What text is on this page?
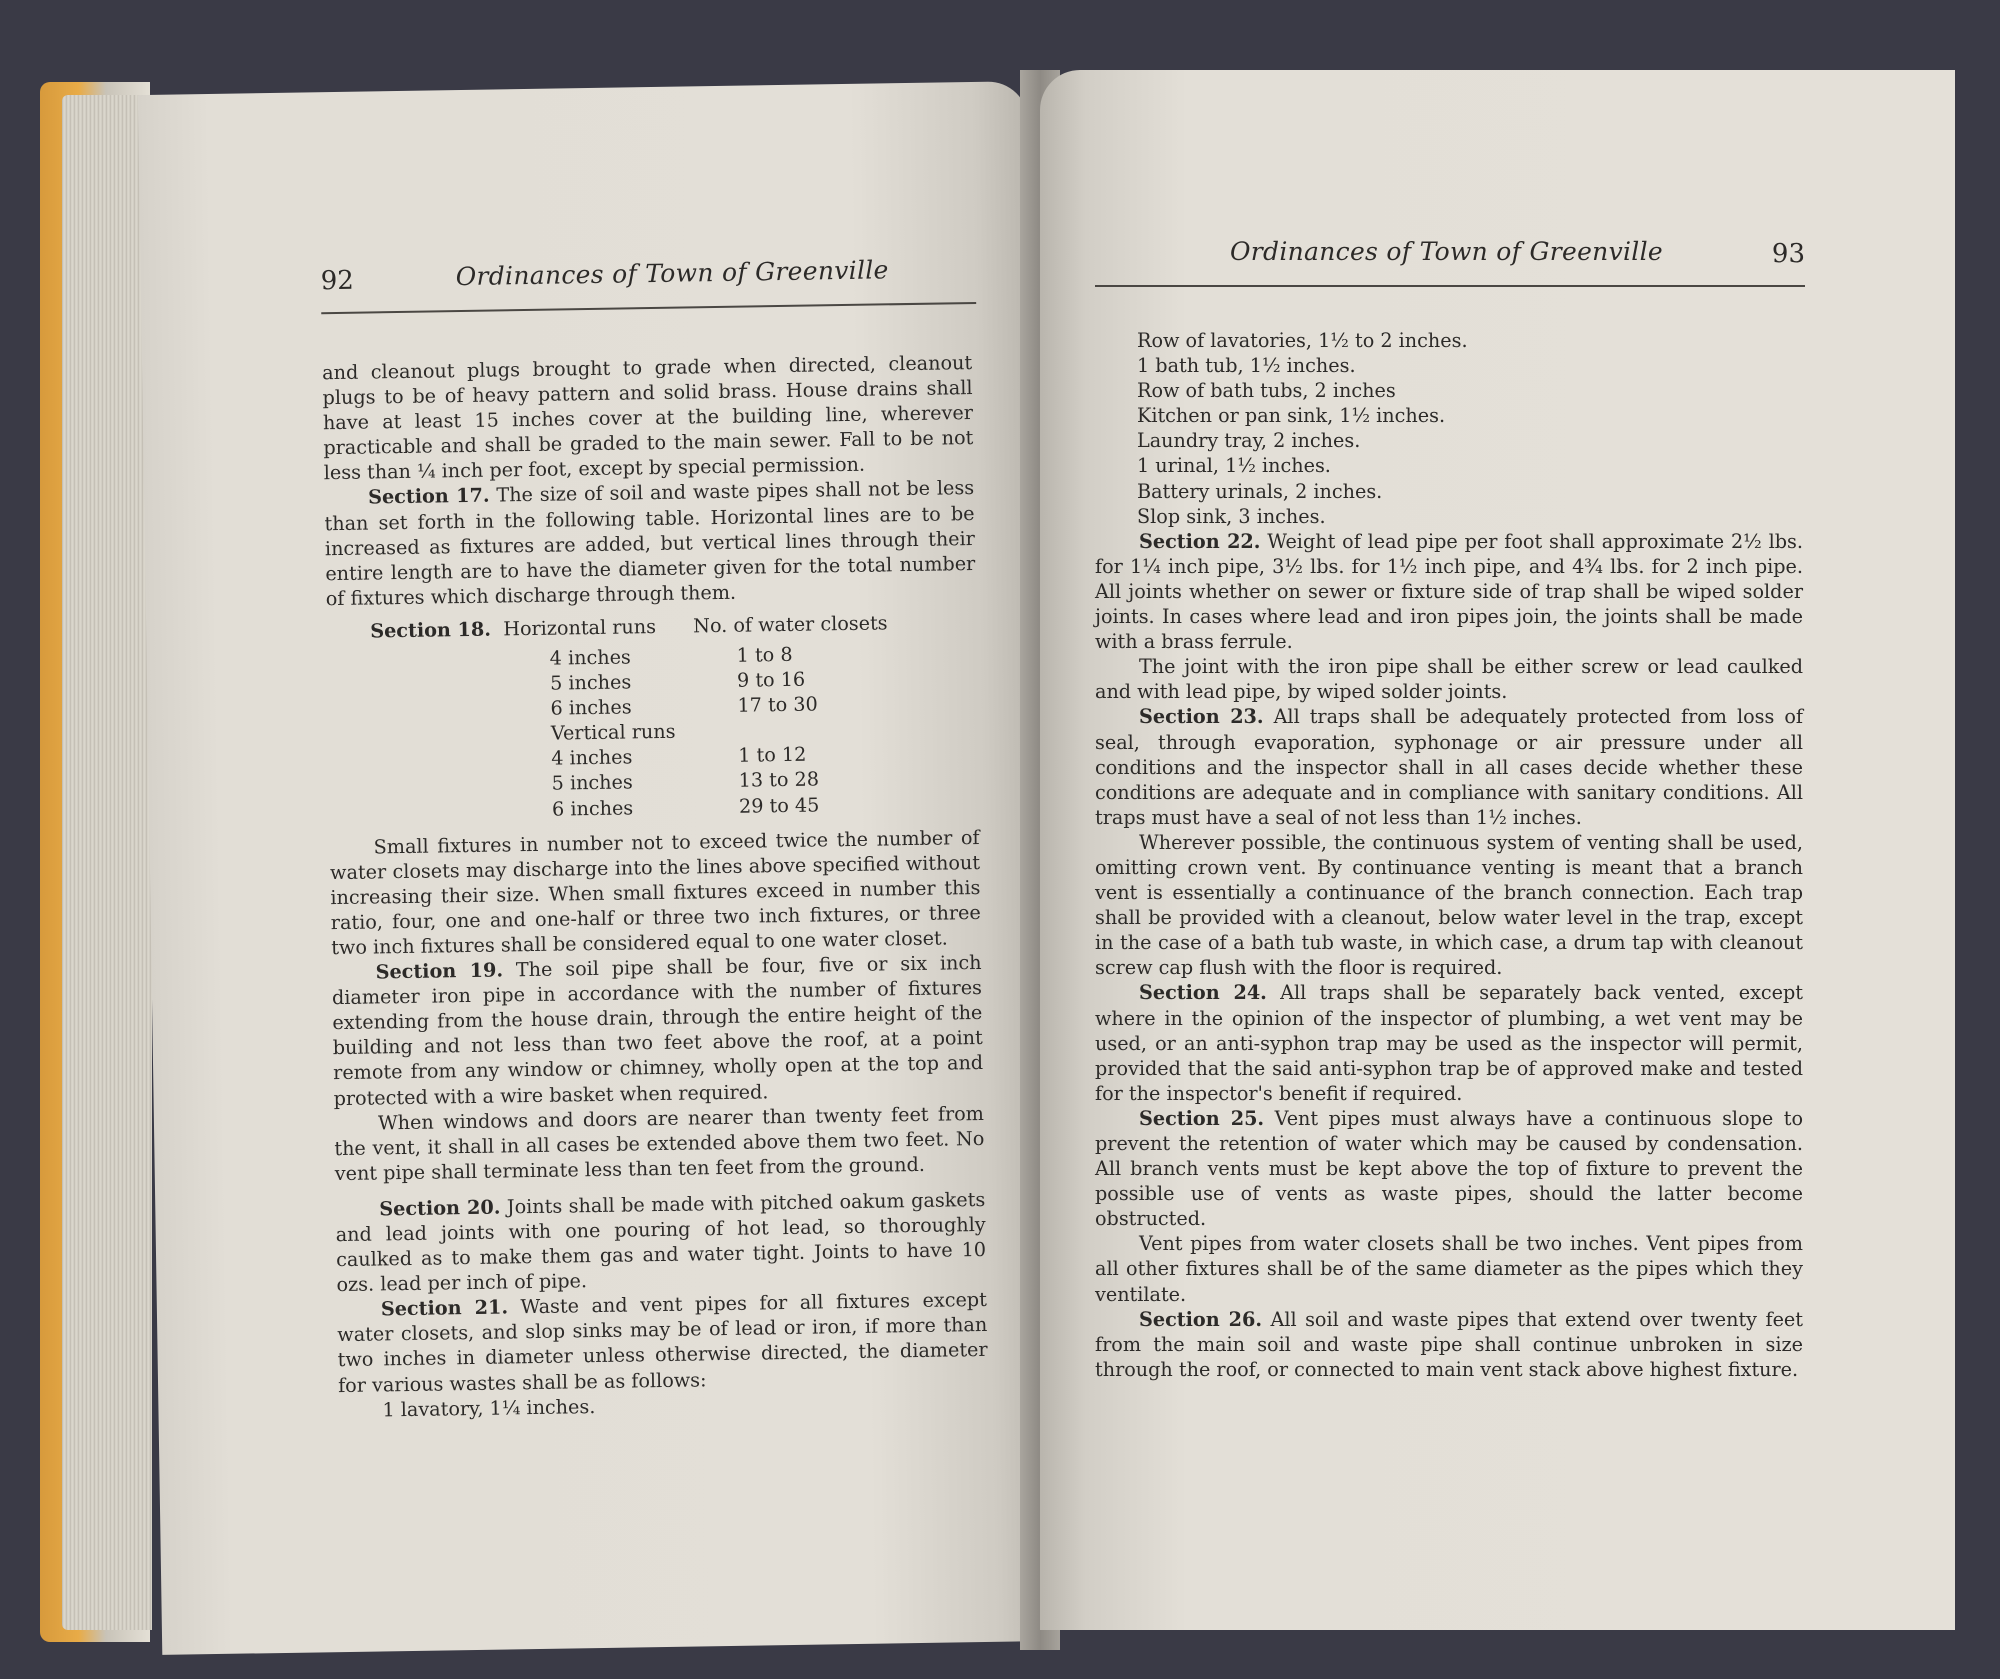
92	Ordinances of Town of Greenville

and cleanout plugs brought to grade when directed, cleanout plugs to be of heavy pattern and solid brass. House drains shall have at least 15 inches cover at the building line, wherever practicable and shall be graded to the main sewer. Fall to be not less than ¼ inch per foot, except by special permission.

Section 17. The size of soil and waste pipes shall not be less than set forth in the following table. Horizontal lines are to be increased as fixtures are added, but vertical lines through their entire length are to have the diameter given for the total number of fixtures which discharge through them.

Section 18. Horizontal runs	No. of water closets
4 inches	1 to 8
5 inches	9 to 16
6 inches	17 to 30
Vertical runs
4 inches	1 to 12
5 inches	13 to 28
6 inches	29 to 45

Small fixtures in number not to exceed twice the number of water closets may discharge into the lines above specified without increasing their size. When small fixtures exceed in number this ratio, four, one and one-half or three two inch fixtures, or three two inch fixtures shall be considered equal to one water closet.

Section 19. The soil pipe shall be four, five or six inch diameter iron pipe in accordance with the number of fixtures extending from the house drain, through the entire height of the building and not less than two feet above the roof, at a point remote from any window or chimney, wholly open at the top and protected with a wire basket when required.

When windows and doors are nearer than twenty feet from the vent, it shall in all cases be extended above them two feet. No vent pipe shall terminate less than ten feet from the ground.

Section 20. Joints shall be made with pitched oakum gaskets and lead joints with one pouring of hot lead, so thoroughly caulked as to make them gas and water tight. Joints to have 10 ozs. lead per inch of pipe.

Section 21. Waste and vent pipes for all fixtures except water closets, and slop sinks may be of lead or iron, if more than two inches in diameter unless otherwise directed, the diameter for various wastes shall be as follows:

1 lavatory, 1¼ inches.

Ordinances of Town of Greenville	93
Row of lavatories, 1½ to 2 inches.
1 bath tub, 1½ inches.
Row of bath tubs, 2 inches
Kitchen or pan sink, 1½ inches.
Laundry tray, 2 inches.
1 urinal, 1½ inches.
Battery urinals, 2 inches.
Slop sink, 3 inches.

Section 22. Weight of lead pipe per foot shall approximate 2½ lbs. for 1¼ inch pipe, 3½ lbs. for 1½ inch pipe, and 4¾ lbs. for 2 inch pipe. All joints whether on sewer or fixture side of trap shall be wiped solder joints. In cases where lead and iron pipes join, the joints shall be made with a brass ferrule.

The joint with the iron pipe shall be either screw or lead caulked and with lead pipe, by wiped solder joints.

Section 23. All traps shall be adequately protected from loss of seal, through evaporation, syphonage or air pressure under all conditions and the inspector shall in all cases decide whether these conditions are adequate and in compliance with sanitary conditions. All traps must have a seal of not less than 1½ inches.

Wherever possible, the continuous system of venting shall be used, omitting crown vent. By continuance venting is meant that a branch vent is essentially a continuance of the branch connection. Each trap shall be provided with a cleanout, below water level in the trap, except in the case of a bath tub waste, in which case, a drum tap with cleanout screw cap flush with the floor is required.

Section 24. All traps shall be separately back vented, except where in the opinion of the inspector of plumbing, a wet vent may be used, or an anti-syphon trap may be used as the inspector will permit, provided that the said anti-syphon trap be of approved make and tested for the inspector's benefit if required.

Section 25. Vent pipes must always have a continuous slope to prevent the retention of water which may be caused by condensation. All branch vents must be kept above the top of fixture to prevent the possible use of vents as waste pipes, should the latter become obstructed.

Vent pipes from water closets shall be two inches. Vent pipes from all other fixtures shall be of the same diameter as the pipes which they ventilate.

Section 26. All soil and waste pipes that extend over twenty feet from the main soil and waste pipe shall continue unbroken in size through the roof, or connected to main vent stack above highest fixture.
